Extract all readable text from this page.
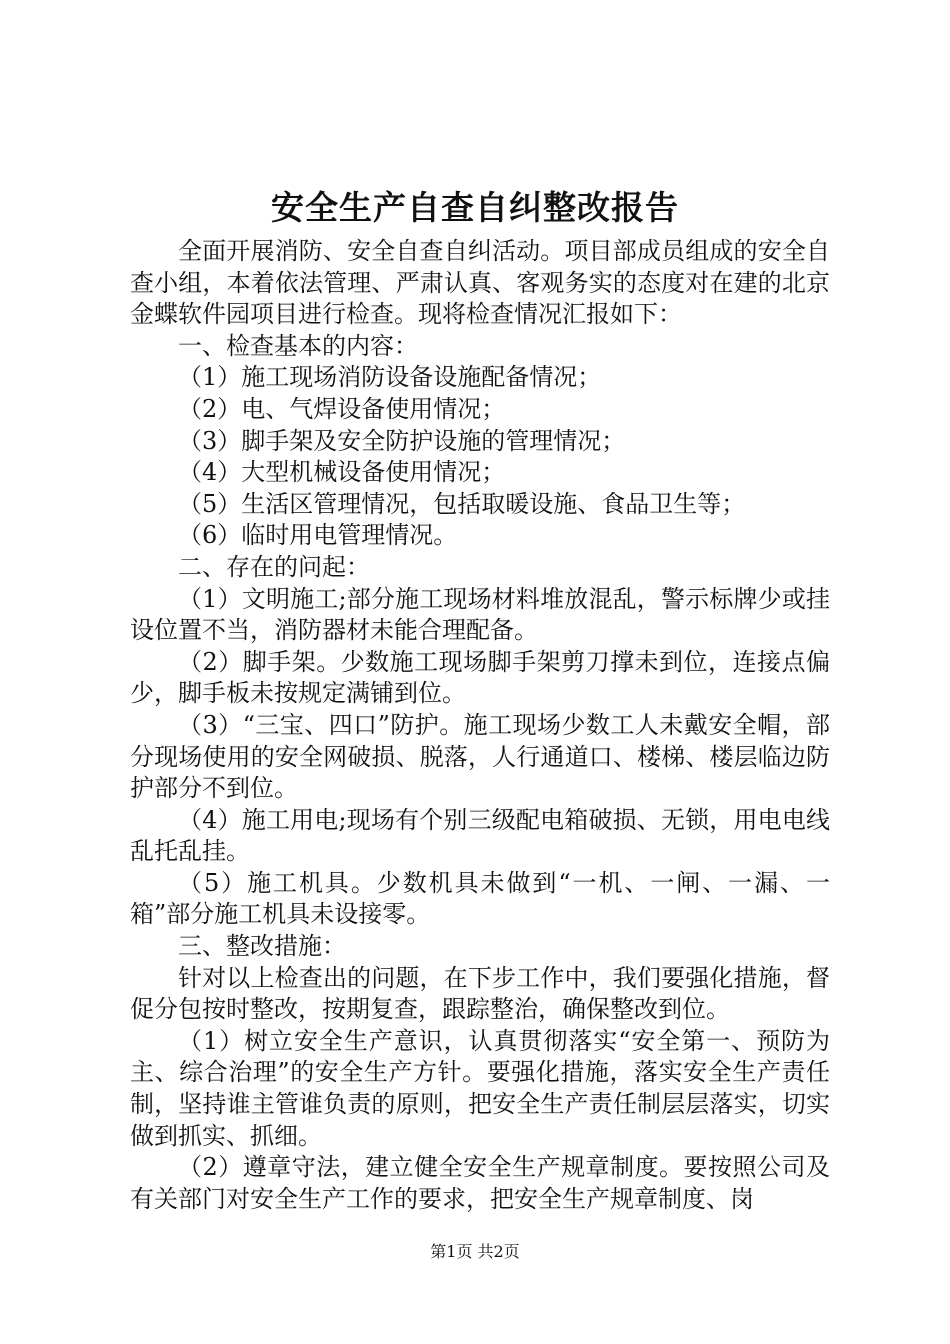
安全生产自查自纠整改报告

全面开展消防、安全自查自纠活动。项目部成员组成的安全自查小组，本着依法管理、严肃认真、客观务实的态度对在建的北京金蝶软件园项目进行检查。现将检查情况汇报如下：

一、检查基本的内容：

（1）施工现场消防设备设施配备情况；

（2）电、气焊设备使用情况；

（3）脚手架及安全防护设施的管理情况；

（4）大型机械设备使用情况；

（5）生活区管理情况，包括取暖设施、食品卫生等；

（6）临时用电管理情况。

二、存在的问起：

（1）文明施工;部分施工现场材料堆放混乱，警示标牌少或挂设位置不当，消防器材未能合理配备。

（2）脚手架。少数施工现场脚手架剪刀撑未到位，连接点偏少，脚手板未按规定满铺到位。

（3）“三宝、四口”防护。施工现场少数工人未戴安全帽，部分现场使用的安全网破损、脱落，人行通道口、楼梯、楼层临边防护部分不到位。

（4）施工用电;现场有个别三级配电箱破损、无锁，用电电线乱托乱挂。

（5）施工机具。少数机具未做到“一机、一闸、一漏、一箱”部分施工机具未设接零。

三、整改措施：

针对以上检查出的问题，在下步工作中，我们要强化措施，督促分包按时整改，按期复查，跟踪整治，确保整改到位。

（1）树立安全生产意识，认真贯彻落实“安全第一、预防为主、综合治理”的安全生产方针。要强化措施，落实安全生产责任制，坚持谁主管谁负责的原则，把安全生产责任制层层落实，切实做到抓实、抓细。

（2）遵章守法，建立健全安全生产规章制度。要按照公司及有关部门对安全生产工作的要求，把安全生产规章制度、岗

第1页 共2页
